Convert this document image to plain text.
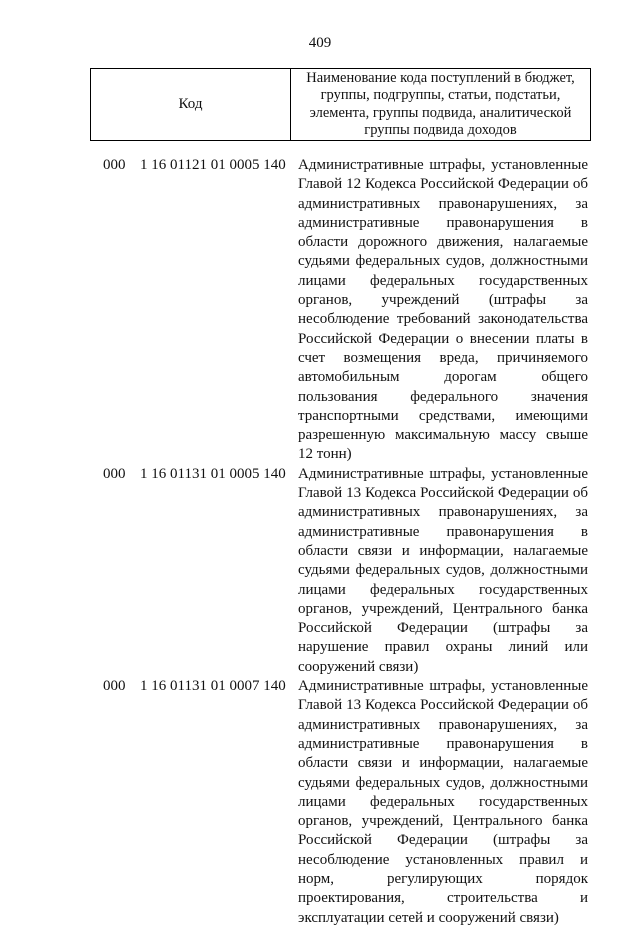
409
Код
Наименование кода поступлений в бюджет, группы, подгруппы, статьи, подстатьи, элемента, группы подвида, аналитической группы подвида доходов
000 1 16 01121 01 0005 140 Административные штрафы, установленные Главой 12 Кодекса Российской Федерации об административных правонарушениях, за административные правонарушения в области дорожного движения, налагаемые судьями федеральных судов, должностными лицами федеральных государственных органов, учреждений (штрафы за несоблюдение требований законодательства Российской Федерации о внесении платы в счет возмещения вреда, причиняемого автомобильным дорогам общего пользования федерального значения транспортными средствами, имеющими разрешенную максимальную массу свыше 12 тонн)
000 1 16 01131 01 0005 140 Административные штрафы, установленные Главой 13 Кодекса Российской Федерации об административных правонарушениях, за административные правонарушения в области связи и информации, налагаемые судьями федеральных судов, должностными лицами федеральных государственных органов, учреждений, Центрального банка Российской Федерации (штрафы за нарушение правил охраны линий или сооружений связи)
000 1 16 01131 01 0007 140 Административные штрафы, установленные Главой 13 Кодекса Российской Федерации об административных правонарушениях, за административные правонарушения в области связи и информации, налагаемые судьями федеральных судов, должностными лицами федеральных государственных органов, учреждений, Центрального банка Российской Федерации (штрафы за несоблюдение установленных правил и норм, регулирующих порядок проектирования, строительства и эксплуатации сетей и сооружений связи)
